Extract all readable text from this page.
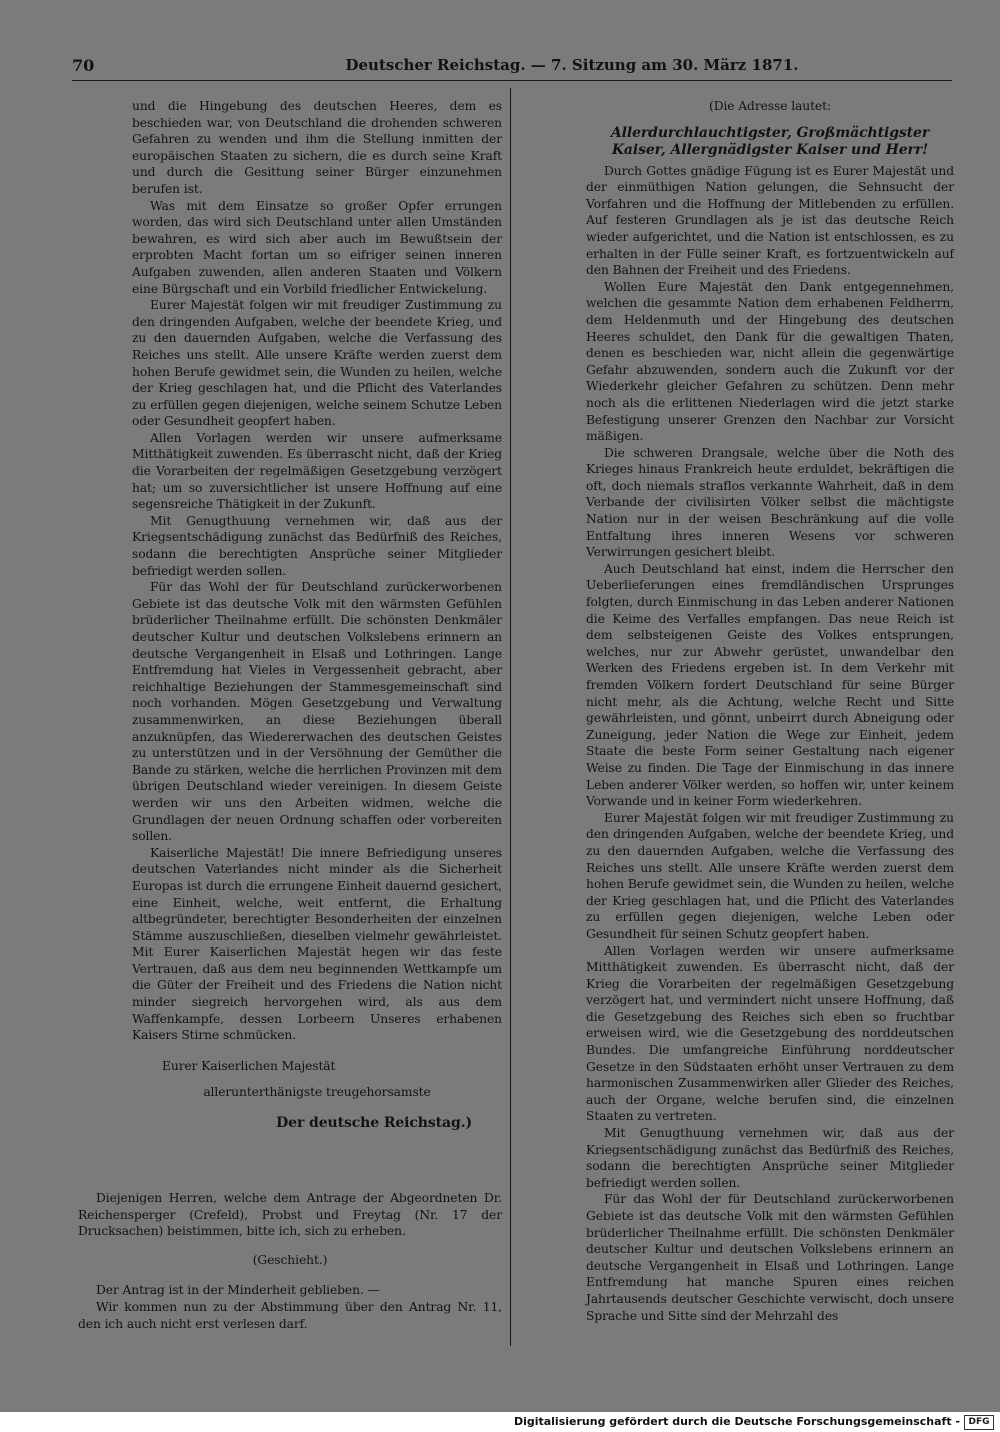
70	Deutscher Reichstag. — 7. Sitzung am 30. März 1871.

und die Hingebung des deutschen Heeres, dem es beschieden war, von Deutschland die drohenden schweren Gefahren zu wenden und ihm die Stellung inmitten der europäischen Staaten zu sichern, die es durch seine Kraft und durch die Gesittung seiner Bürger einzunehmen berufen ist.

Was mit dem Einsatze so großer Opfer errungen worden, das wird sich Deutschland unter allen Umständen bewahren, es wird sich aber auch im Bewußtsein der erprobten Macht fortan um so eifriger seinen inneren Aufgaben zuwenden, allen anderen Staaten und Völkern eine Bürgschaft und ein Vorbild friedlicher Entwickelung.

Eurer Majestät folgen wir mit freudiger Zustimmung zu den dringenden Aufgaben, welche der beendete Krieg, und zu den dauernden Aufgaben, welche die Verfassung des Reiches uns stellt. Alle unsere Kräfte werden zuerst dem hohen Berufe gewidmet sein, die Wunden zu heilen, welche der Krieg geschlagen hat, und die Pflicht des Vaterlandes zu erfüllen gegen diejenigen, welche seinem Schutze Leben oder Gesundheit geopfert haben.

Allen Vorlagen werden wir unsere aufmerksame Mitthätigkeit zuwenden. Es überrascht nicht, daß der Krieg die Vorarbeiten der regelmäßigen Gesetzgebung verzögert hat; um so zuversichtlicher ist unsere Hoffnung auf eine segensreiche Thätigkeit in der Zukunft.

Mit Genugthuung vernehmen wir, daß aus der Kriegsentschädigung zunächst das Bedürfniß des Reiches, sodann die berechtigten Ansprüche seiner Mitglieder befriedigt werden sollen.

Für das Wohl der für Deutschland zurückerworbenen Gebiete ist das deutsche Volk mit den wärmsten Gefühlen brüderlicher Theilnahme erfüllt. Die schönsten Denkmäler deutscher Kultur und deutschen Volkslebens erinnern an deutsche Vergangenheit in Elsaß und Lothringen. Lange Entfremdung hat Vieles in Vergessenheit gebracht, aber reichhaltige Beziehungen der Stammesgemeinschaft sind noch vorhanden. Mögen Gesetzgebung und Verwaltung zusammenwirken, an diese Beziehungen überall anzuknüpfen, das Wiedererwachen des deutschen Geistes zu unterstützen und in der Versöhnung der Gemüther die Bande zu stärken, welche die herrlichen Provinzen mit dem übrigen Deutschland wieder vereinigen. In diesem Geiste werden wir uns den Arbeiten widmen, welche die Grundlagen der neuen Ordnung schaffen oder vorbereiten sollen.

Kaiserliche Majestät! Die innere Befriedigung unseres deutschen Vaterlandes nicht minder als die Sicherheit Europas ist durch die errungene Einheit dauernd gesichert, eine Einheit, welche, weit entfernt, die Erhaltung altbegründeter, berechtigter Besonderheiten der einzelnen Stämme auszuschließen, dieselben vielmehr gewährleistet. Mit Eurer Kaiserlichen Majestät hegen wir das feste Vertrauen, daß aus dem neu beginnenden Wettkampfe um die Güter der Freiheit und des Friedens die Nation nicht minder siegreich hervorgehen wird, als aus dem Waffenkampfe, dessen Lorbeern Unseres erhabenen Kaisers Stirne schmücken.

Eurer Kaiserlichen Majestät

allerunterthänigste treugehorsamste

Der deutsche Reichstag.)

Diejenigen Herren, welche dem Antrage der Abgeordneten Dr. Reichensperger (Crefeld), Probst und Freytag (Nr. 17 der Drucksachen) beistimmen, bitte ich, sich zu erheben.

(Geschieht.)

Der Antrag ist in der Minderheit geblieben. —

Wir kommen nun zu der Abstimmung über den Antrag Nr. 11, den ich auch nicht erst verlesen darf.

(Die Adresse lautet:

Allerdurchlauchtigster, Großmächtigster Kaiser, Allergnädigster Kaiser und Herr!

Durch Gottes gnädige Fügung ist es Eurer Majestät und der einmüthigen Nation gelungen, die Sehnsucht der Vorfahren und die Hoffnung der Mitlebenden zu erfüllen. Auf festeren Grundlagen als je ist das deutsche Reich wieder aufgerichtet, und die Nation ist entschlossen, es zu erhalten in der Fülle seiner Kraft, es fortzuentwickeln auf den Bahnen der Freiheit und des Friedens.

Wollen Eure Majestät den Dank entgegennehmen, welchen die gesammte Nation dem erhabenen Feldherrn, dem Heldenmuth und der Hingebung des deutschen Heeres schuldet, den Dank für die gewaltigen Thaten, denen es beschieden war, nicht allein die gegenwärtige Gefahr abzuwenden, sondern auch die Zukunft vor der Wiederkehr gleicher Gefahren zu schützen. Denn mehr noch als die erlittenen Niederlagen wird die jetzt starke Befestigung unserer Grenzen den Nachbar zur Vorsicht mäßigen.

Die schweren Drangsale, welche über die Noth des Krieges hinaus Frankreich heute erduldet, bekräftigen die oft, doch niemals straflos verkannte Wahrheit, daß in dem Verbande der civilisirten Völker selbst die mächtigste Nation nur in der weisen Beschränkung auf die volle Entfaltung ihres inneren Wesens vor schweren Verwirrungen gesichert bleibt.

Auch Deutschland hat einst, indem die Herrscher den Ueberlieferungen eines fremdländischen Ursprunges folgten, durch Einmischung in das Leben anderer Nationen die Keime des Verfalles empfangen. Das neue Reich ist dem selbsteigenen Geiste des Volkes entsprungen, welches, nur zur Abwehr gerüstet, unwandelbar den Werken des Friedens ergeben ist. In dem Verkehr mit fremden Völkern fordert Deutschland für seine Bürger nicht mehr, als die Achtung, welche Recht und Sitte gewährleisten, und gönnt, unbeirrt durch Abneigung oder Zuneigung, jeder Nation die Wege zur Einheit, jedem Staate die beste Form seiner Gestaltung nach eigener Weise zu finden. Die Tage der Einmischung in das innere Leben anderer Völker werden, so hoffen wir, unter keinem Vorwande und in keiner Form wiederkehren.

Eurer Majestät folgen wir mit freudiger Zustimmung zu den dringenden Aufgaben, welche der beendete Krieg, und zu den dauernden Aufgaben, welche die Verfassung des Reiches uns stellt. Alle unsere Kräfte werden zuerst dem hohen Berufe gewidmet sein, die Wunden zu heilen, welche der Krieg geschlagen hat, und die Pflicht des Vaterlandes zu erfüllen gegen diejenigen, welche Leben oder Gesundheit für seinen Schutz geopfert haben.

Allen Vorlagen werden wir unsere aufmerksame Mitthätigkeit zuwenden. Es überrascht nicht, daß der Krieg die Vorarbeiten der regelmäßigen Gesetzgebung verzögert hat, und vermindert nicht unsere Hoffnung, daß die Gesetzgebung des Reiches sich eben so fruchtbar erweisen wird, wie die Gesetzgebung des norddeutschen Bundes. Die umfangreiche Einführung norddeutscher Gesetze in den Südstaaten erhöht unser Vertrauen zu dem harmonischen Zusammenwirken aller Glieder des Reiches, auch der Organe, welche berufen sind, die einzelnen Staaten zu vertreten.

Mit Genugthuung vernehmen wir, daß aus der Kriegsentschädigung zunächst das Bedürfniß des Reiches, sodann die berechtigten Ansprüche seiner Mitglieder befriedigt werden sollen.

Für das Wohl der für Deutschland zurückerworbenen Gebiete ist das deutsche Volk mit den wärmsten Gefühlen brüderlicher Theilnahme erfüllt. Die schönsten Denkmäler deutscher Kultur und deutschen Volkslebens erinnern an deutsche Vergangenheit in Elsaß und Lothringen. Lange Entfremdung hat manche Spuren eines reichen Jahrtausends deutscher Geschichte verwischt, doch unsere Sprache und Sitte sind der Mehrzahl des

Digitalisierung gefördert durch die Deutsche Forschungsgemeinschaft - DFG
